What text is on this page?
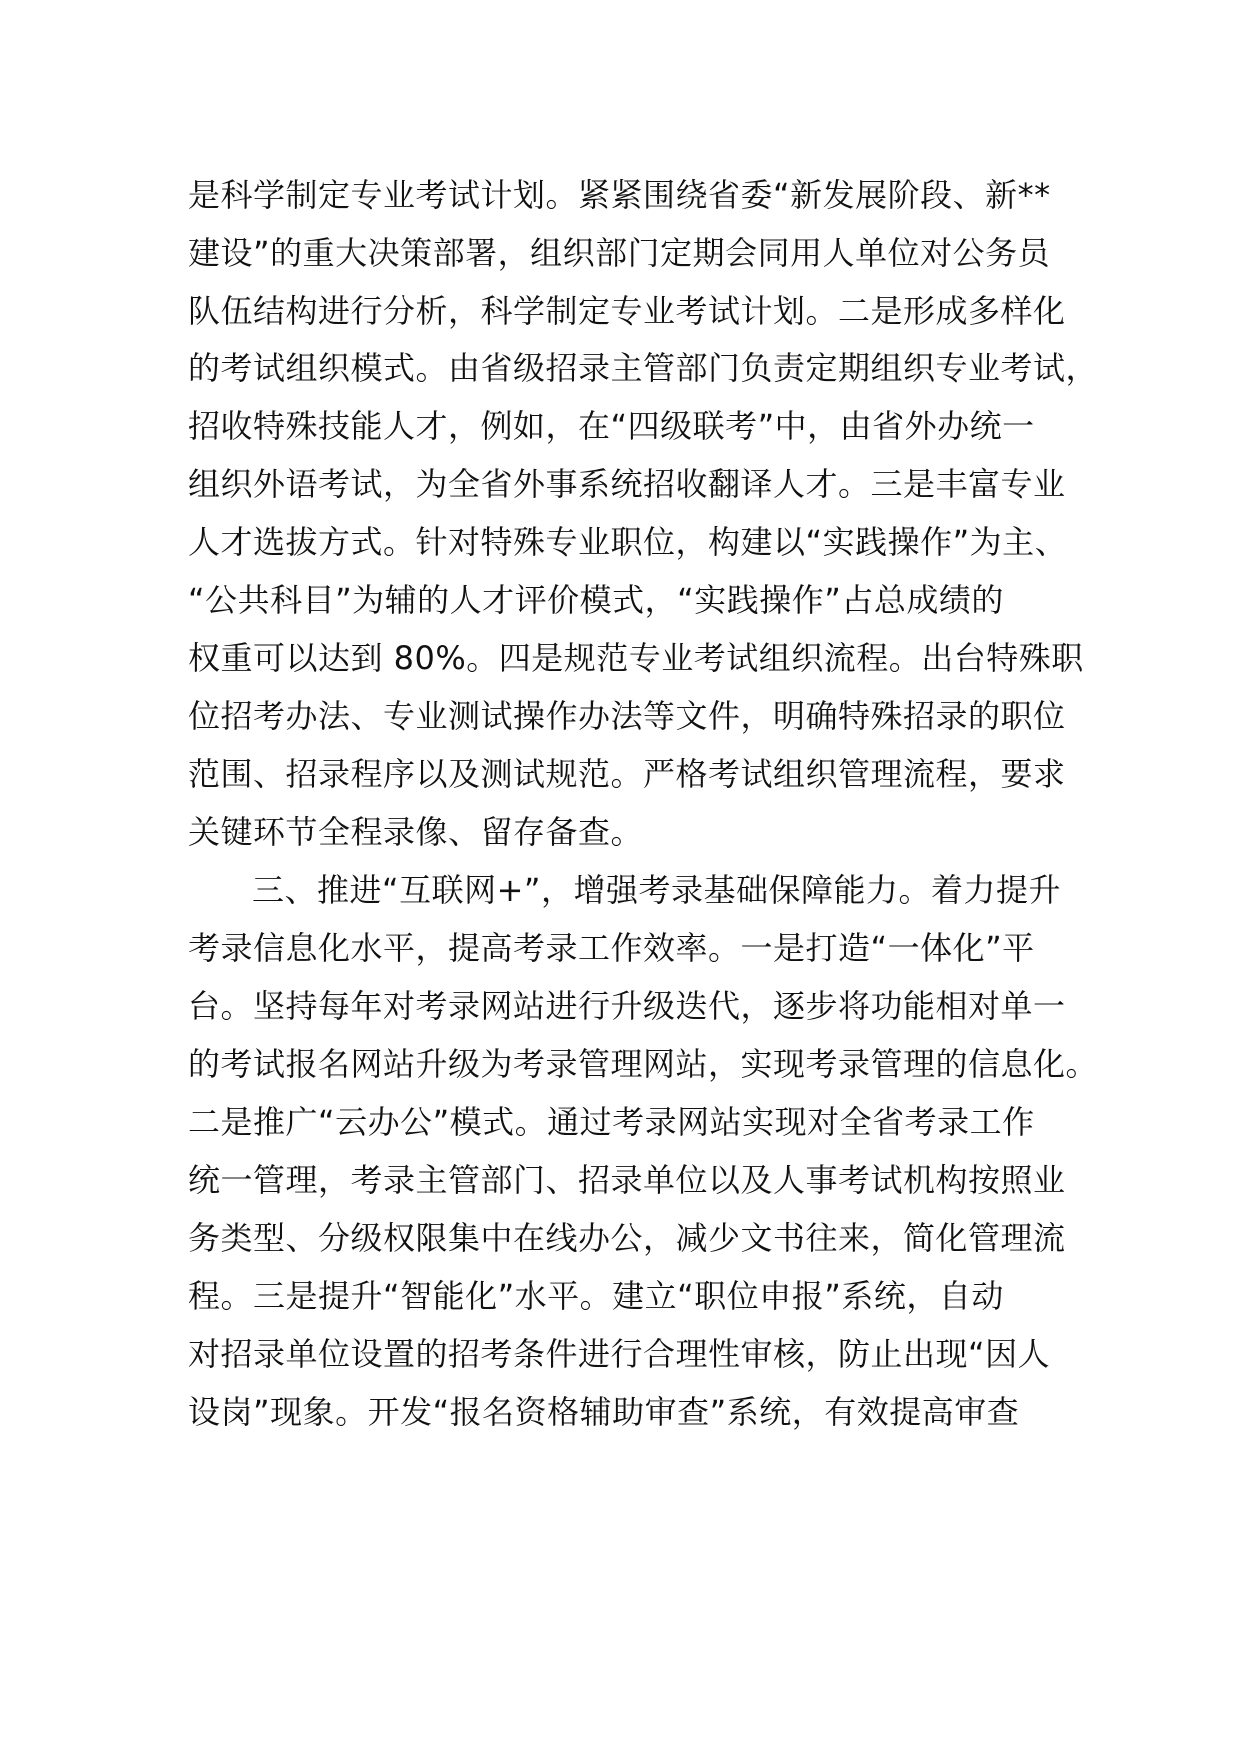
是科学制定专业考试计划。紧紧围绕省委“新发展阶段、新**
建设”的重大决策部署，组织部门定期会同用人单位对公务员
队伍结构进行分析，科学制定专业考试计划。二是形成多样化
的考试组织模式。由省级招录主管部门负责定期组织专业考试，
招收特殊技能人才，例如，在“四级联考”中，由省外办统一
组织外语考试，为全省外事系统招收翻译人才。三是丰富专业
人才选拔方式。针对特殊专业职位，构建以“实践操作”为主、
“公共科目”为辅的人才评价模式，“实践操作”占总成绩的
权重可以达到 80%。四是规范专业考试组织流程。出台特殊职
位招考办法、专业测试操作办法等文件，明确特殊招录的职位
范围、招录程序以及测试规范。严格考试组织管理流程，要求
关键环节全程录像、留存备查。
三、推进“互联网+”，增强考录基础保障能力。着力提升
考录信息化水平，提高考录工作效率。一是打造“一体化”平
台。坚持每年对考录网站进行升级迭代，逐步将功能相对单一
的考试报名网站升级为考录管理网站，实现考录管理的信息化。
二是推广“云办公”模式。通过考录网站实现对全省考录工作
统一管理，考录主管部门、招录单位以及人事考试机构按照业
务类型、分级权限集中在线办公，减少文书往来，简化管理流
程。三是提升“智能化”水平。建立“职位申报”系统，自动
对招录单位设置的招考条件进行合理性审核，防止出现“因人
设岗”现象。开发“报名资格辅助审查”系统，有效提高审查
